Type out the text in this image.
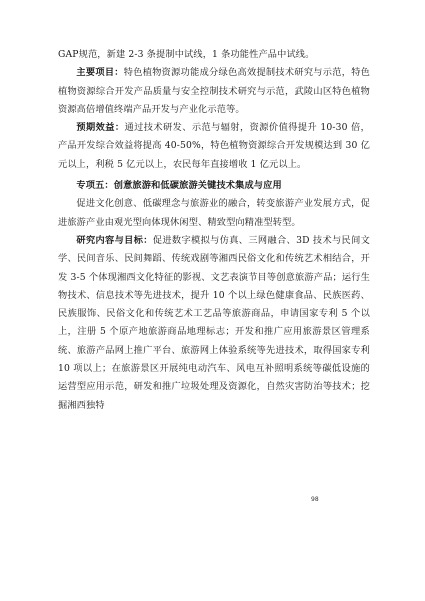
GAP规范，新建 2-3 条提制中试线，1 条功能性产品中试线。

主要项目：特色植物资源功能成分绿色高效提制技术研究与示范，特色植物资源综合开发产品质量与安全控制技术研究与示范，武陵山区特色植物资源高倍增值终端产品开发与产业化示范等。

预期效益：通过技术研发、示范与辐射，资源价值得提升 10-30 倍，产品开发综合效益将提高 40-50%，特色植物资源综合开发规模达到 30 亿元以上，利税 5 亿元以上，农民每年直接增收 1 亿元以上。

专项五：创意旅游和低碳旅游关键技术集成与应用

促进文化创意、低碳理念与旅游业的融合，转变旅游产业发展方式，促进旅游产业由观光型向体现休闲型、精致型向精准型转型。

研究内容与目标：促进数字模拟与仿真、三网融合、3D 技术与民间文学、民间音乐、民间舞蹈、传统戏剧等湘西民俗文化和传统艺术相结合，开发 3-5 个体现湘西文化特征的影视、文艺表演节目等创意旅游产品；运行生物技术、信息技术等先进技术，提升 10 个以上绿色健康食品、民族医药、民族服饰、民俗文化和传统艺术工艺品等旅游商品，申请国家专利 5 个以上，注册 5 个原产地旅游商品地理标志；开发和推广应用旅游景区管理系统、旅游产品网上推广平台、旅游网上体验系统等先进技术，取得国家专利 10 项以上；在旅游景区开展纯电动汽车、风电互补照明系统等碳低设施的运营型应用示范，研发和推广垃圾处理及资源化，自然灾害防治等技术；挖掘湘西独特

98
